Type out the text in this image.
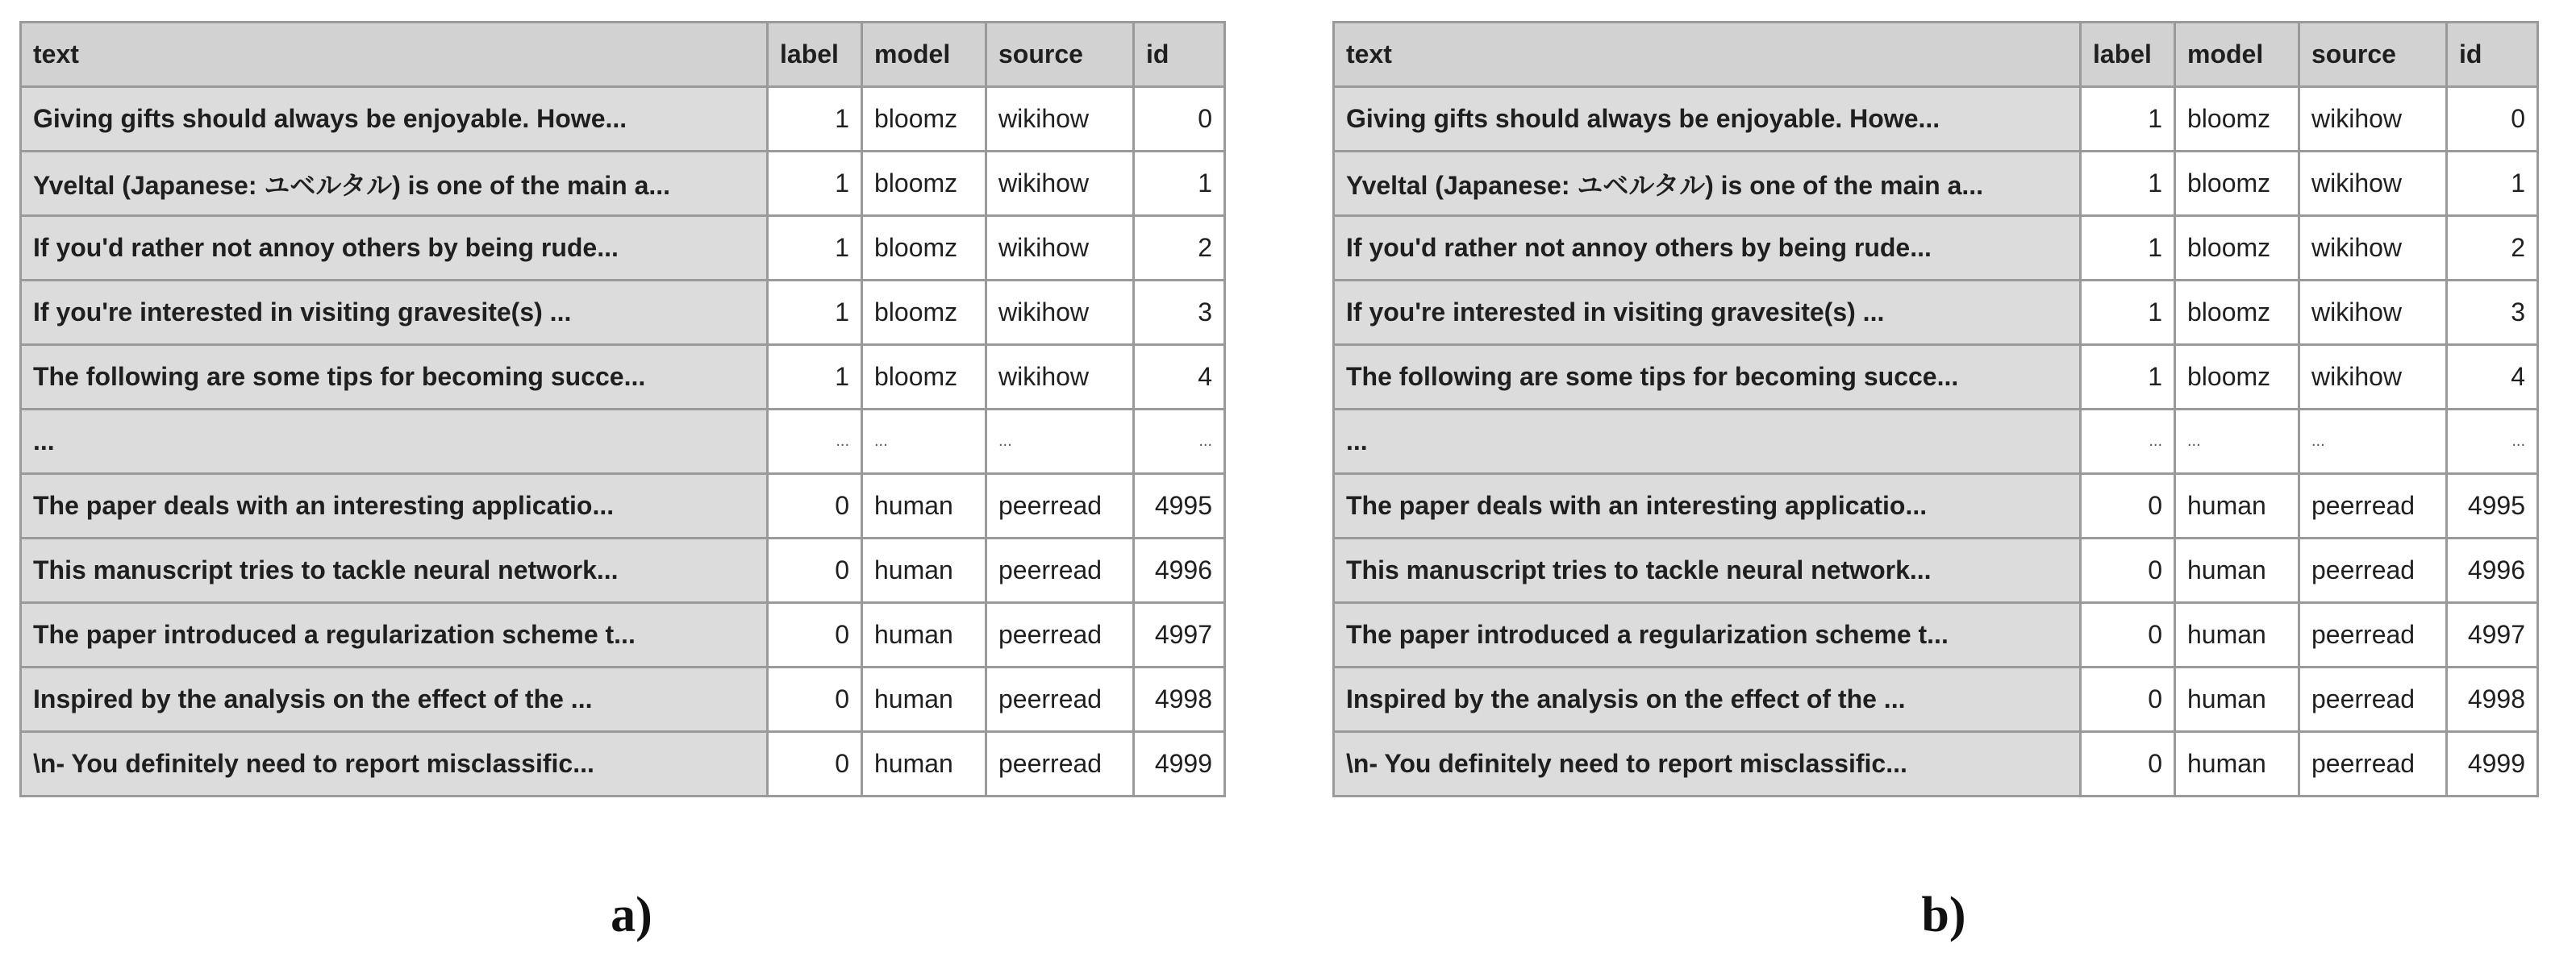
text	label	model	source	id
Giving gifts should always be enjoyable. Howe...	1	bloomz	wikihow	0
Yveltal (Japanese: ユベルタル) is one of the main a...	1	bloomz	wikihow	1
If you'd rather not annoy others by being rude...	1	bloomz	wikihow	2
If you're interested in visiting gravesite(s) ...	1	bloomz	wikihow	3
The following are some tips for becoming succe...	1	bloomz	wikihow	4
...	...	...	...	...
The paper deals with an interesting applicatio...	0	human	peerread	4995
This manuscript tries to tackle neural network...	0	human	peerread	4996
The paper introduced a regularization scheme t...	0	human	peerread	4997
Inspired by the analysis on the effect of the ...	0	human	peerread	4998
\n- You definitely need to report misclassific...	0	human	peerread	4999
text	label	model	source	id
Giving gifts should always be enjoyable. Howe...	1	bloomz	wikihow	0
Yveltal (Japanese: ユベルタル) is one of the main a...	1	bloomz	wikihow	1
If you'd rather not annoy others by being rude...	1	bloomz	wikihow	2
If you're interested in visiting gravesite(s) ...	1	bloomz	wikihow	3
The following are some tips for becoming succe...	1	bloomz	wikihow	4
...	...	...	...	...
The paper deals with an interesting applicatio...	0	human	peerread	4995
This manuscript tries to tackle neural network...	0	human	peerread	4996
The paper introduced a regularization scheme t...	0	human	peerread	4997
Inspired by the analysis on the effect of the ...	0	human	peerread	4998
\n- You definitely need to report misclassific...	0	human	peerread	4999
a)	b)
